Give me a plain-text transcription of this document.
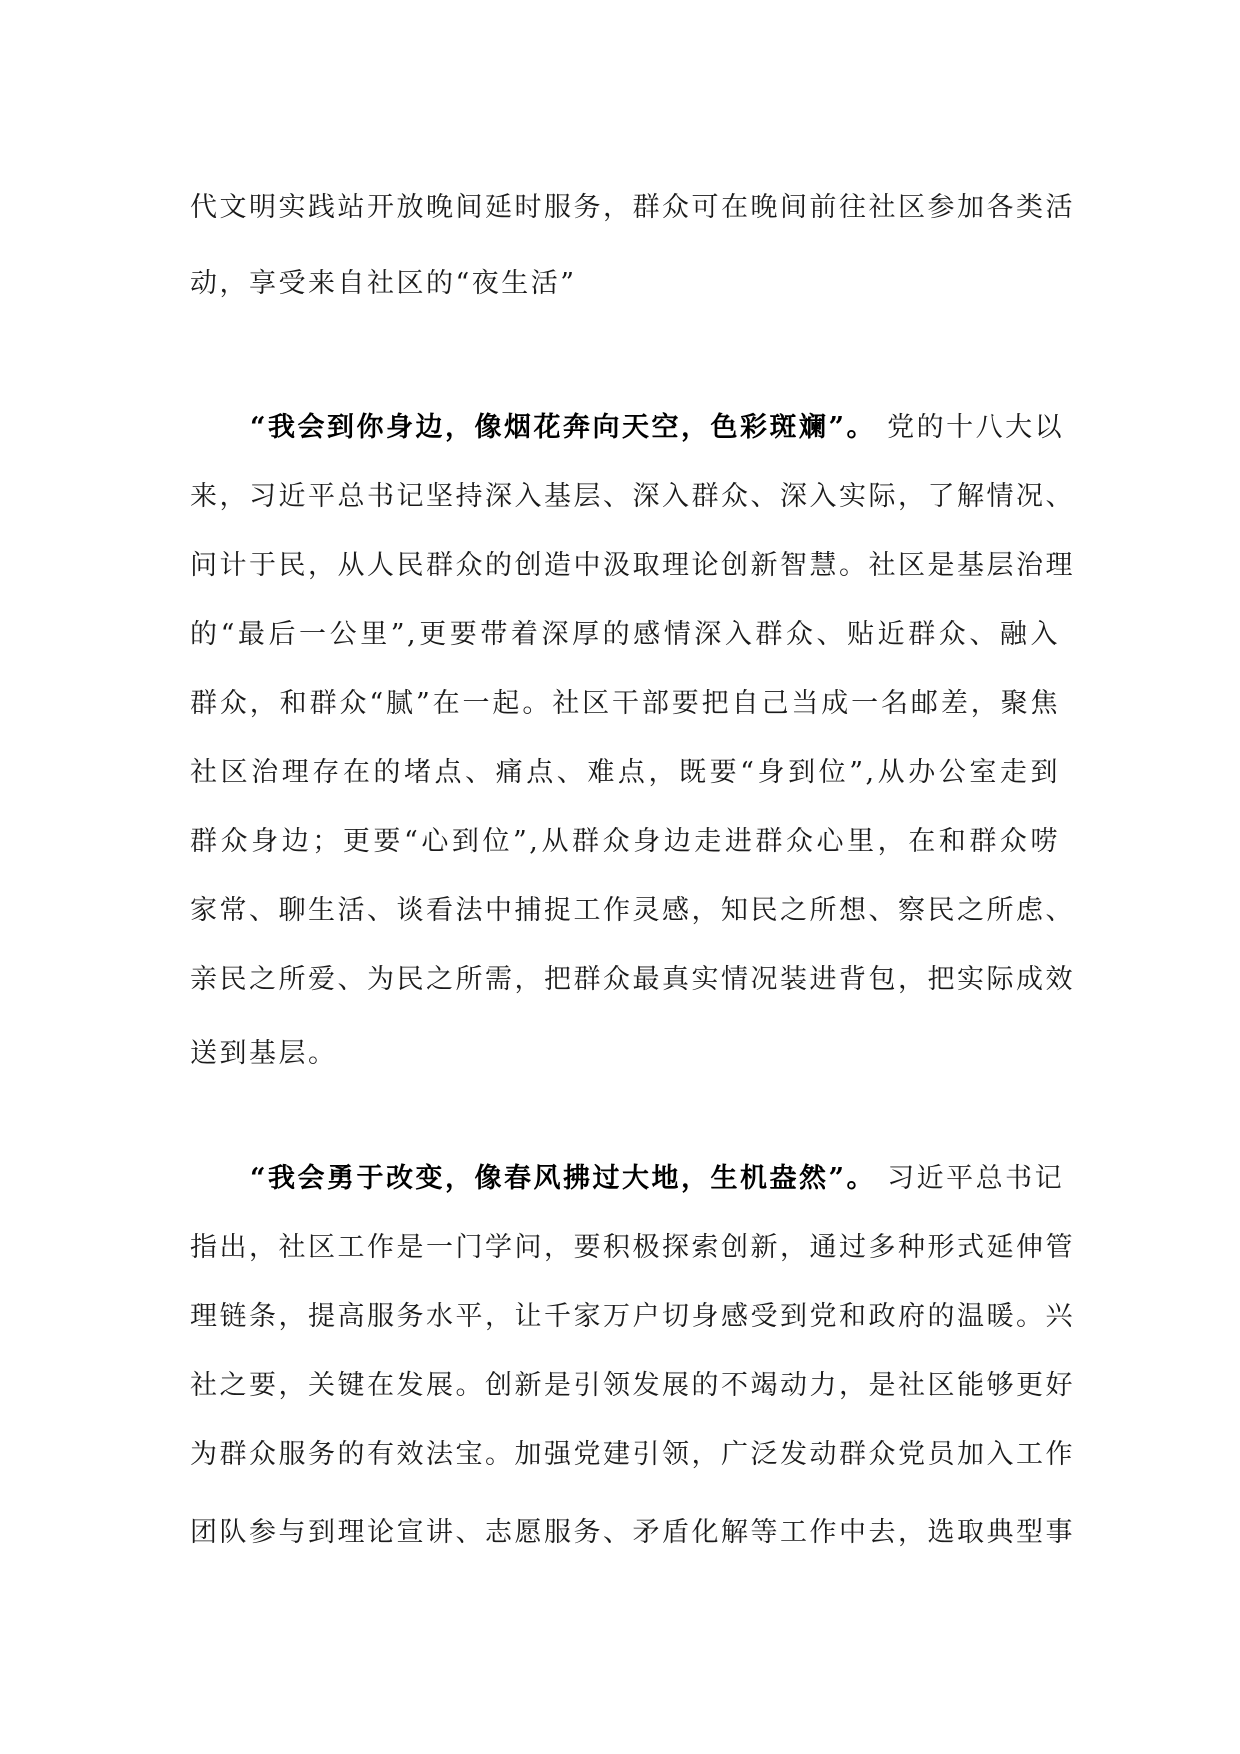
代文明实践站开放晚间延时服务，群众可在晚间前往社区参加各类活
动，享受来自社区的“夜生活”
“我会到你身边，像烟花奔向天空，色彩斑斓”。 党的十八大以
来，习近平总书记坚持深入基层、深入群众、深入实际，了解情况、
问计于民，从人民群众的创造中汲取理论创新智慧。社区是基层治理
的“最后一公里”,更要带着深厚的感情深入群众、贴近群众、融入
群众，和群众“腻”在一起。社区干部要把自己当成一名邮差，聚焦
社区治理存在的堵点、痛点、难点，既要“身到位”,从办公室走到
群众身边；更要“心到位”,从群众身边走进群众心里，在和群众唠
家常、聊生活、谈看法中捕捉工作灵感，知民之所想、察民之所虑、
亲民之所爱、为民之所需，把群众最真实情况装进背包，把实际成效
送到基层。
“我会勇于改变，像春风拂过大地，生机盎然”。 习近平总书记
指出，社区工作是一门学问，要积极探索创新，通过多种形式延伸管
理链条，提高服务水平，让千家万户切身感受到党和政府的温暖。兴
社之要，关键在发展。创新是引领发展的不竭动力，是社区能够更好
为群众服务的有效法宝。加强党建引领，广泛发动群众党员加入工作
团队参与到理论宣讲、志愿服务、矛盾化解等工作中去，选取典型事
